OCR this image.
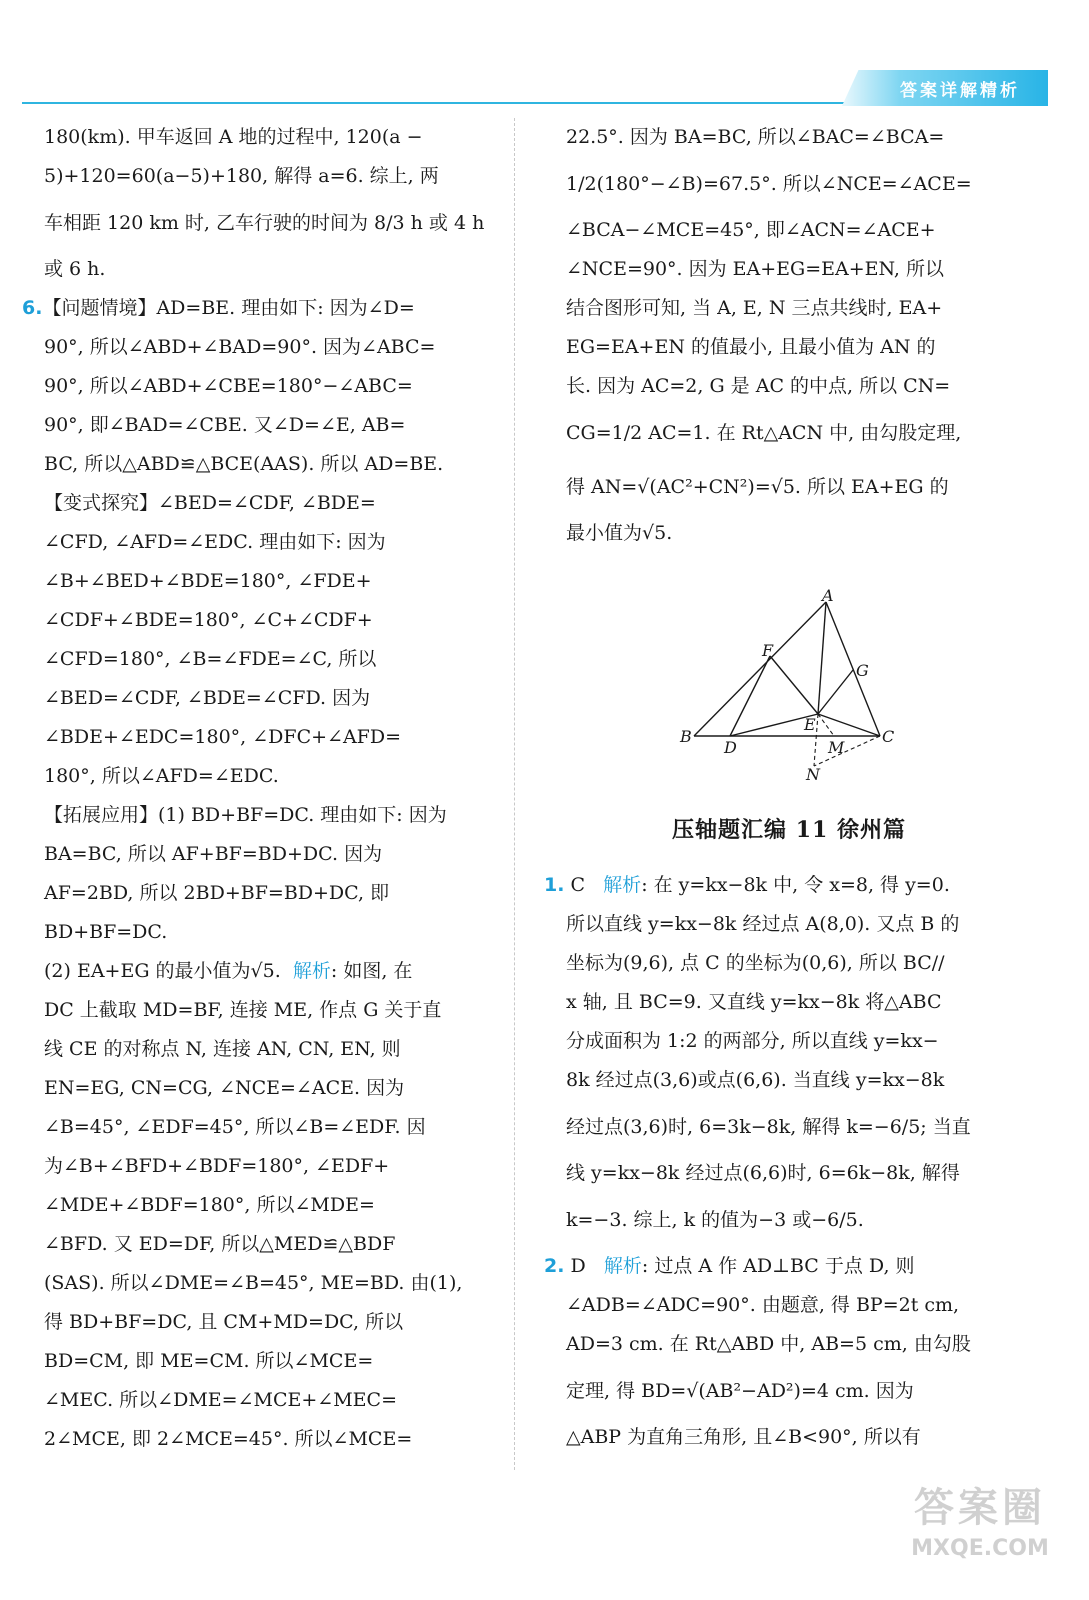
答案详解精析
180(km). 甲车返回 A 地的过程中, 120(a −
5)+120=60(a−5)+180, 解得 a=6. 综上, 两
车相距 120 km 时, 乙车行驶的时间为 8/3 h 或 4 h
或 6 h.
6.【问题情境】AD=BE. 理由如下: 因为∠D=
90°, 所以∠ABD+∠BAD=90°. 因为∠ABC=
90°, 所以∠ABD+∠CBE=180°−∠ABC=
90°, 即∠BAD=∠CBE. 又∠D=∠E, AB=
BC, 所以△ABD≌△BCE(AAS). 所以 AD=BE.
【变式探究】∠BED=∠CDF, ∠BDE=
∠CFD, ∠AFD=∠EDC. 理由如下: 因为
∠B+∠BED+∠BDE=180°, ∠FDE+
∠CDF+∠BDE=180°, ∠C+∠CDF+
∠CFD=180°, ∠B=∠FDE=∠C, 所以
∠BED=∠CDF, ∠BDE=∠CFD. 因为
∠BDE+∠EDC=180°, ∠DFC+∠AFD=
180°, 所以∠AFD=∠EDC.
【拓展应用】(1) BD+BF=DC. 理由如下: 因为
BA=BC, 所以 AF+BF=BD+DC. 因为
AF=2BD, 所以 2BD+BF=BD+DC, 即
BD+BF=DC.
(2) EA+EG 的最小值为√5. 解析: 如图, 在
DC 上截取 MD=BF, 连接 ME, 作点 G 关于直
线 CE 的对称点 N, 连接 AN, CN, EN, 则
EN=EG, CN=CG, ∠NCE=∠ACE. 因为
∠B=45°, ∠EDF=45°, 所以∠B=∠EDF. 因
为∠B+∠BFD+∠BDF=180°, ∠EDF+
∠MDE+∠BDF=180°, 所以∠MDE=
∠BFD. 又 ED=DF, 所以△MED≌△BDF
(SAS). 所以∠DME=∠B=45°, ME=BD. 由(1),
得 BD+BF=DC, 且 CM+MD=DC, 所以
BD=CM, 即 ME=CM. 所以∠MCE=
∠MEC. 所以∠DME=∠MCE+∠MEC=
2∠MCE, 即 2∠MCE=45°. 所以∠MCE=
22.5°. 因为 BA=BC, 所以∠BAC=∠BCA=
1/2(180°−∠B)=67.5°. 所以∠NCE=∠ACE=
∠BCA−∠MCE=45°, 即∠ACN=∠ACE+
∠NCE=90°. 因为 EA+EG=EA+EN, 所以
结合图形可知, 当 A, E, N 三点共线时, EA+
EG=EA+EN 的值最小, 且最小值为 AN 的
长. 因为 AC=2, G 是 AC 的中点, 所以 CN=
CG=1/2 AC=1. 在 Rt△ACN 中, 由勾股定理,
得 AN=√(AC²+CN²)=√5. 所以 EA+EG 的
最小值为√5.
A
B	C
D
E
F
G
M
N
压轴题汇编 11 徐州篇
1. C 解析: 在 y=kx−8k 中, 令 x=8, 得 y=0.
所以直线 y=kx−8k 经过点 A(8,0). 又点 B 的
坐标为(9,6), 点 C 的坐标为(0,6), 所以 BC//
x 轴, 且 BC=9. 又直线 y=kx−8k 将△ABC
分成面积为 1:2 的两部分, 所以直线 y=kx−
8k 经过点(3,6)或点(6,6). 当直线 y=kx−8k
经过点(3,6)时, 6=3k−8k, 解得 k=−6/5; 当直
线 y=kx−8k 经过点(6,6)时, 6=6k−8k, 解得
k=−3. 综上, k 的值为−3 或−6/5.
2. D 解析: 过点 A 作 AD⊥BC 于点 D, 则
∠ADB=∠ADC=90°. 由题意, 得 BP=2t cm,
AD=3 cm. 在 Rt△ABD 中, AB=5 cm, 由勾股
定理, 得 BD=√(AB²−AD²)=4 cm. 因为
△ABP 为直角三角形, 且∠B<90°, 所以有
答案圈
MXQE.COM
